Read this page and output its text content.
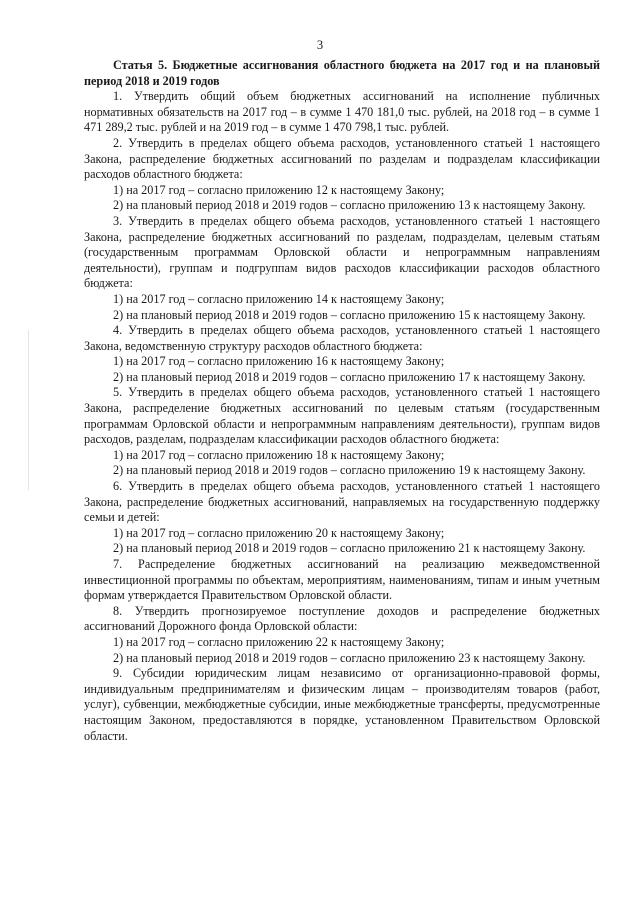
3

Статья 5. Бюджетные ассигнования областного бюджета на 2017 год и на плановый период 2018 и 2019 годов

1. Утвердить общий объем бюджетных ассигнований на исполнение публичных нормативных обязательств на 2017 год – в сумме 1 470 181,0 тыс. рублей, на 2018 год – в сумме 1 471 289,2 тыс. рублей и на 2019 год – в сумме 1 470 798,1 тыс. рублей.

2. Утвердить в пределах общего объема расходов, установленного статьей 1 настоящего Закона, распределение бюджетных ассигнований по разделам и подразделам классификации расходов областного бюджета:

1) на 2017 год – согласно приложению 12 к настоящему Закону;

2) на плановый период 2018 и 2019 годов – согласно приложению 13 к настоящему Закону.

3. Утвердить в пределах общего объема расходов, установленного статьей 1 настоящего Закона, распределение бюджетных ассигнований по разделам, подразделам, целевым статьям (государственным программам Орловской области и непрограммным направлениям деятельности), группам и подгруппам видов расходов классификации расходов областного бюджета:

1) на 2017 год – согласно приложению 14 к настоящему Закону;

2) на плановый период 2018 и 2019 годов – согласно приложению 15 к настоящему Закону.

4. Утвердить в пределах общего объема расходов, установленного статьей 1 настоящего Закона, ведомственную структуру расходов областного бюджета:

1) на 2017 год – согласно приложению 16 к настоящему Закону;

2) на плановый период 2018 и 2019 годов – согласно приложению 17 к настоящему Закону.

5. Утвердить в пределах общего объема расходов, установленного статьей 1 настоящего Закона, распределение бюджетных ассигнований по целевым статьям (государственным программам Орловской области и непрограммным направлениям деятельности), группам видов расходов, разделам, подразделам классификации расходов областного бюджета:

1) на 2017 год – согласно приложению 18 к настоящему Закону;

2) на плановый период 2018 и 2019 годов – согласно приложению 19 к настоящему Закону.

6. Утвердить в пределах общего объема расходов, установленного статьей 1 настоящего Закона, распределение бюджетных ассигнований, направляемых на государственную поддержку семьи и детей:

1) на 2017 год – согласно приложению 20 к настоящему Закону;

2) на плановый период 2018 и 2019 годов – согласно приложению 21 к настоящему Закону.

7. Распределение бюджетных ассигнований на реализацию межведомственной инвестиционной программы по объектам, мероприятиям, наименованиям, типам и иным учетным формам утверждается Правительством Орловской области.

8. Утвердить прогнозируемое поступление доходов и распределение бюджетных ассигнований Дорожного фонда Орловской области:

1) на 2017 год – согласно приложению 22 к настоящему Закону;

2) на плановый период 2018 и 2019 годов – согласно приложению 23 к настоящему Закону.

9. Субсидии юридическим лицам независимо от организационно-правовой формы, индивидуальным предпринимателям и физическим лицам – производителям товаров (работ, услуг), субвенции, межбюджетные субсидии, иные межбюджетные трансферты, предусмотренные настоящим Законом, предоставляются в порядке, установленном Правительством Орловской области.
